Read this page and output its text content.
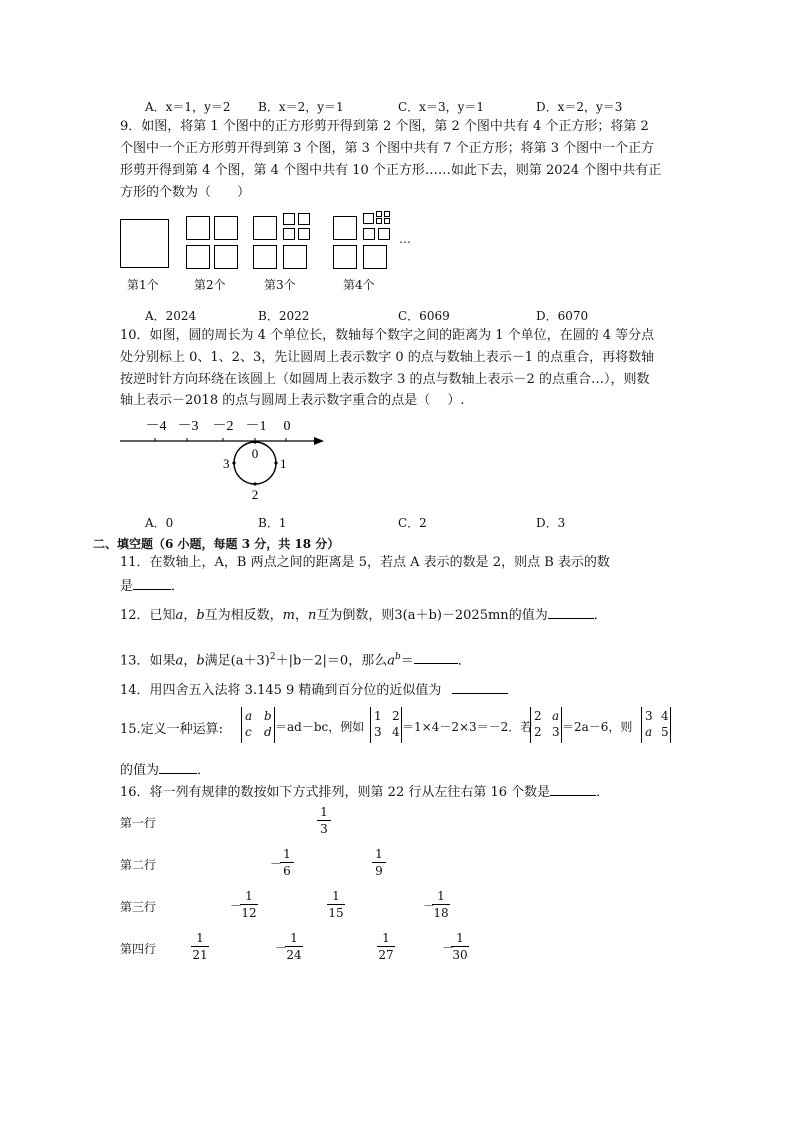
A．x＝1，y＝2 B．x＝2，y＝1	C．x＝3，y＝1	D．x＝2，y＝3
9．如图，将第 1 个图中的正方形剪开得到第 2 个图，第 2 个图中共有 4 个正方形；将第 2
个图中一个正方形剪开得到第 3 个图，第 3 个图中共有 7 个正方形；将第 3 个图中一个正方
形剪开得到第 4 个图，第 4 个图中共有 10 个正方形……如此下去，则第 2024 个图中共有正
方形的个数为（　　）
…
第1个	第2个	第3个	第4个
A．2024	B．2022	C．6069	D．6070
10．如图，圆的周长为 4 个单位长，数轴每个数字之间的距离为 1 个单位，在圆的 4 等分点
处分别标上 0、1、2、3，先让圆周上表示数字 0 的点与数轴上表示－1 的点重合，再将数轴
按逆时针方向环绕在该圆上（如圆周上表示数字 3 的点与数轴上表示－2 的点重合…），则数
轴上表示－2018 的点与圆周上表示数字重合的点是（　 ）.
－4 －3 －2 －1 0
0
1
2
3
A．0	B．1	C．2	D．3
二、填空题（6 小题，每题 3 分，共 18 分）
11．在数轴上，A，B 两点之间的距离是 5，若点 A 表示的数是 2，则点 B 表示的数
是	．
12．已知a，b互为相反数，m，n互为倒数，则3(a＋b)－2025mn的值为	．
13．如果a，b满足$(a+3)^2+|b-2|=0$，那么$a^b=$	．
14．用四舍五入法将 3.145 9 精确到百分位的近似值为
15.定义一种运算:
a b
c d ＝ad－bc，例如
1 2
3 4 ＝1×4－2×3＝－2．若
2 a
2 3 ＝2a－6，则
3 4
a 5
的值为	．
16．将一列有规律的数按如下方式排列，则第 22 行从左往右第 16 个数是	．
第一行
1
3
第二行	－
1
6
1
9
第三行	－
1
12
1
15	－
1
18
第四行
1
21	－
1
24
1
27	－
1
30
